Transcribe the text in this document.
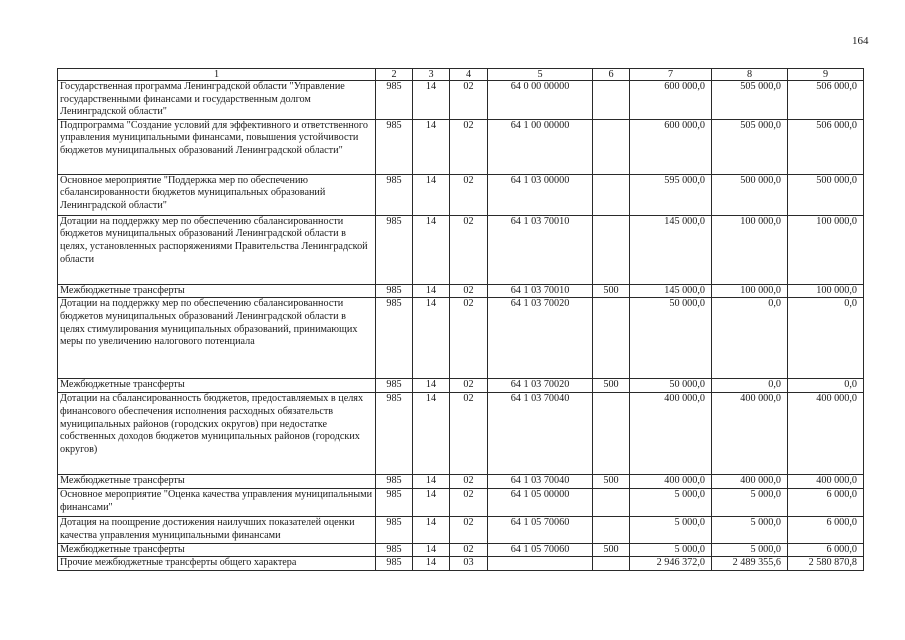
164
1	2	3	4	5	6	7	8	9
Государственная программа Ленинградской области "Управление государственными финансами и государственным долгом Ленинградской области"	985	14	02	64 0 00 00000		600 000,0	505 000,0	506 000,0
Подпрограмма "Создание условий для эффективного и ответственного управления муниципальными финансами, повышения устойчивости бюджетов муниципальных образований Ленинградской области"	985	14	02	64 1 00 00000		600 000,0	505 000,0	506 000,0
Основное мероприятие "Поддержка мер по обеспечению сбалансированности бюджетов муниципальных образований Ленинградской области"	985	14	02	64 1 03 00000		595 000,0	500 000,0	500 000,0
Дотации на поддержку мер по обеспечению сбалансированности бюджетов муниципальных образований Ленинградской области в целях, установленных распоряжениями Правительства Ленинградской области	985	14	02	64 1 03 70010		145 000,0	100 000,0	100 000,0
Межбюджетные трансферты	985	14	02	64 1 03 70010	500	145 000,0	100 000,0	100 000,0
Дотации на поддержку мер по обеспечению сбалансированности бюджетов муниципальных образований Ленинградской области в целях стимулирования муниципальных образований, принимающих меры по увеличению налогового потенциала	985	14	02	64 1 03 70020		50 000,0	0,0	0,0
Межбюджетные трансферты	985	14	02	64 1 03 70020	500	50 000,0	0,0	0,0
Дотации на сбалансированность бюджетов, предоставляемых в целях финансового обеспечения исполнения расходных обязательств муниципальных районов (городских округов) при недостатке собственных доходов бюджетов муниципальных районов (городских округов)	985	14	02	64 1 03 70040		400 000,0	400 000,0	400 000,0
Межбюджетные трансферты	985	14	02	64 1 03 70040	500	400 000,0	400 000,0	400 000,0
Основное мероприятие "Оценка качества управления муниципальными финансами"	985	14	02	64 1 05 00000		5 000,0	5 000,0	6 000,0
Дотация на поощрение достижения наилучших показателей оценки качества управления муниципальными финансами	985	14	02	64 1 05 70060		5 000,0	5 000,0	6 000,0
Межбюджетные трансферты	985	14	02	64 1 05 70060	500	5 000,0	5 000,0	6 000,0
Прочие межбюджетные трансферты общего характера	985	14	03			2 946 372,0	2 489 355,6	2 580 870,8
